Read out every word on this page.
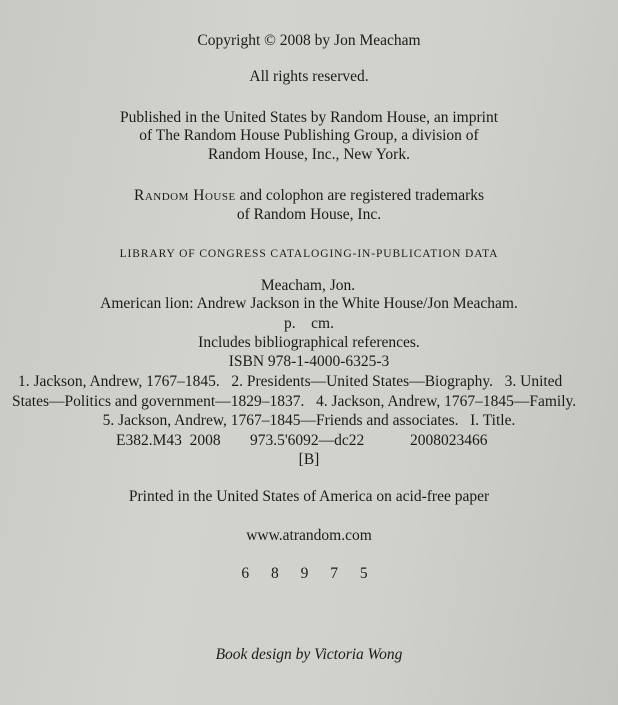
Copyright © 2008 by Jon Meacham
All rights reserved.
Published in the United States by Random House, an imprint
of The Random House Publishing Group, a division of
Random House, Inc., New York.
Random House and colophon are registered trademarks
of Random House, Inc.
LIBRARY OF CONGRESS CATALOGING-IN-PUBLICATION DATA
Meacham, Jon.
American lion: Andrew Jackson in the White House/Jon Meacham.
p.    cm.
Includes bibliographical references.
ISBN 978-1-4000-6325-3
1. Jackson, Andrew, 1767–1845.   2. Presidents—United States—Biography.   3. United
States—Politics and government—1829–1837.   4. Jackson, Andrew, 1767–1845—Family.
5. Jackson, Andrew, 1767–1845—Friends and associates.   I. Title.
E382.M43  2008 973.5'6092—dc22	2008023466
[B]
Printed in the United States of America on acid-free paper
www.atrandom.com
6 8 9 7 5
Book design by Victoria Wong
